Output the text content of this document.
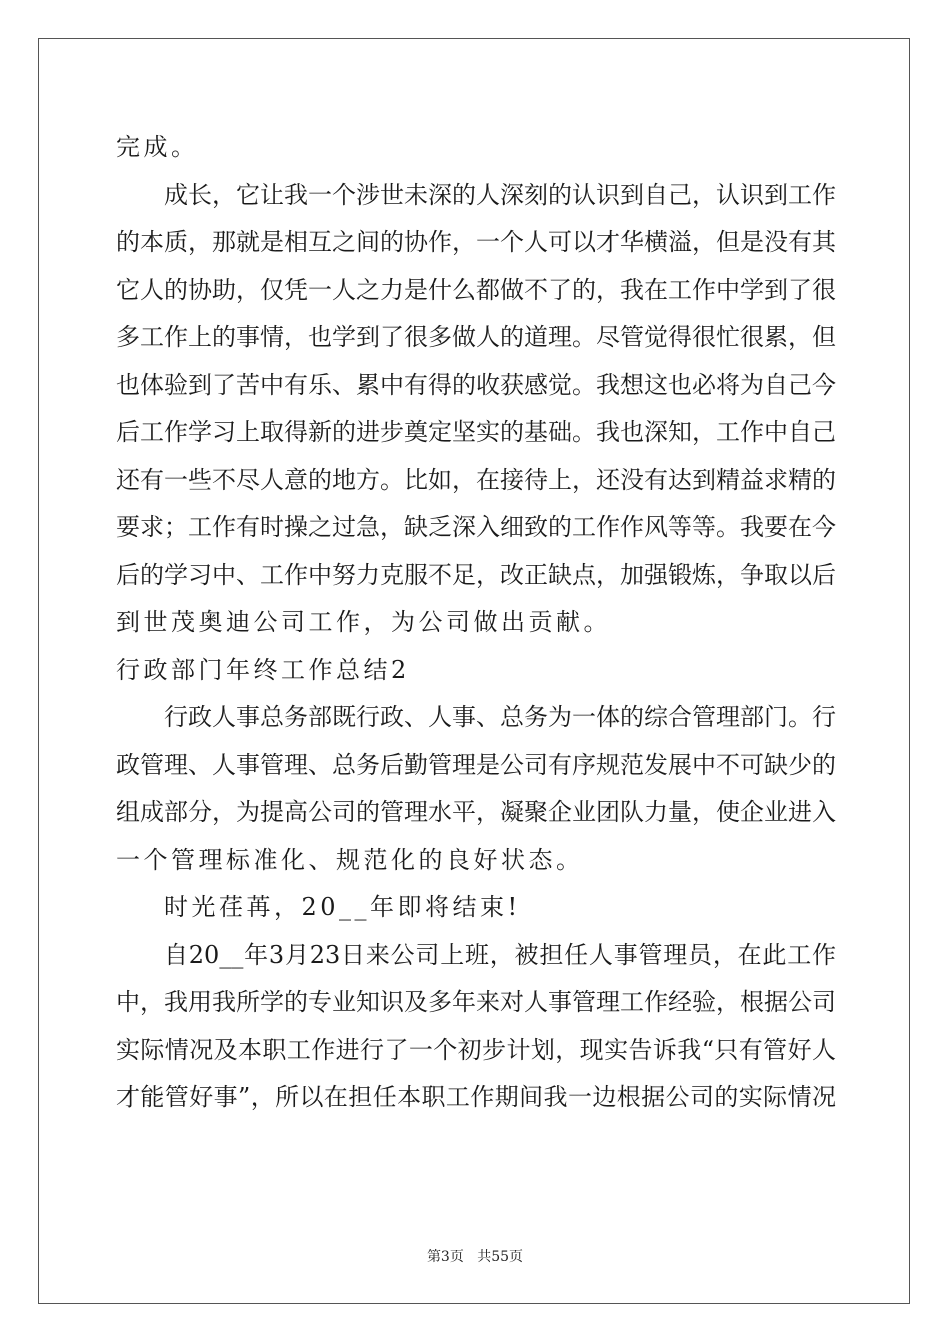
完成。
成长，它让我一个涉世未深的人深刻的认识到自己，认识到工作
的本质，那就是相互之间的协作，一个人可以才华横溢，但是没有其
它人的协助，仅凭一人之力是什么都做不了的，我在工作中学到了很
多工作上的事情，也学到了很多做人的道理。尽管觉得很忙很累，但
也体验到了苦中有乐、累中有得的收获感觉。我想这也必将为自己今
后工作学习上取得新的进步奠定坚实的基础。我也深知，工作中自己
还有一些不尽人意的地方。比如，在接待上，还没有达到精益求精的
要求；工作有时操之过急，缺乏深入细致的工作作风等等。我要在今
后的学习中、工作中努力克服不足，改正缺点，加强锻炼，争取以后
到世茂奥迪公司工作，为公司做出贡献。
行政部门年终工作总结2
行政人事总务部既行政、人事、总务为一体的综合管理部门。行
政管理、人事管理、总务后勤管理是公司有序规范发展中不可缺少的
组成部分，为提高公司的管理水平，凝聚企业团队力量，使企业进入
一个管理标准化、规范化的良好状态。
时光荏苒，20__年即将结束!
自20__年3月23日来公司上班，被担任人事管理员，在此工作
中，我用我所学的专业知识及多年来对人事管理工作经验，根据公司
实际情况及本职工作进行了一个初步计划，现实告诉我“只有管好人
才能管好事”，所以在担任本职工作期间我一边根据公司的实际情况
第3页 共55页
